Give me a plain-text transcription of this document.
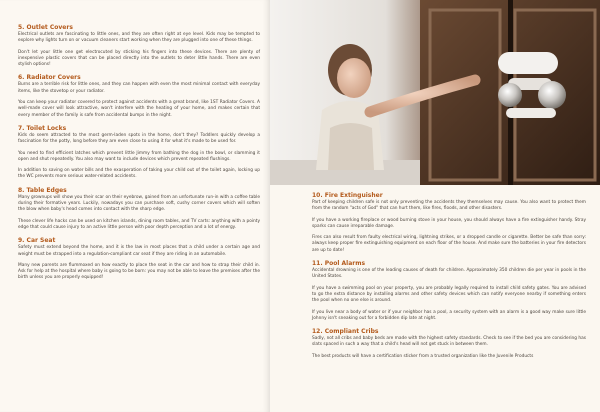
5. Outlet Covers

Electrical outlets are fascinating to little ones, and they are often right at eye level. Kids may be tempted to explore why lights turn on or vacuum cleaners start working when they are plugged into one of these things.

Don't let your little one get electrocuted by sticking his fingers into these devices. There are plenty of inexpensive plastic covers that can be placed directly into the outlets to deter little hands. There are even stylish options!

6. Radiator Covers

Burns are a terrible risk for little ones, and they can happen with even the most minimal contact with everyday items, like the stovetop or your radiator.

You can keep your radiator covered to protect against accidents with a great brand, like 1ST Radiator Covers. A well-made cover will look attractive, won't interfere with the heating of your home, and makes certain that every member of the family is safe from accidental bumps in the night.

7. Toilet Locks

Kids do seem attracted to the most germ-laden spots in the home, don't they? Toddlers quickly develop a fascination for the potty, long before they are even close to using it for what it's made to be used for.

You need to find efficient latches which prevent little Jimmy from bathing the dog in the bowl, or slamming it open and shut repeatedly. You also may want to include devices which prevent repeated flushings.

In addition to saving on water bills and the exasperation of taking your child out of the toilet again, locking up the WC prevents more serious water-related accidents.

8. Table Edges

Many grownups will show you their scar on their eyebrow, gained from an unfortunate run-in with a coffee table during their formative years. Luckily, nowadays you can purchase soft, cushy corner covers which will soften the blow when baby's head comes into contact with the sharp edge.

These clever life hacks can be used on kitchen islands, dining room tables, and TV carts: anything with a pointy edge that could cause injury to an active little person with poor depth perception and a lot of energy.

9. Car Seat

Safety must extend beyond the home, and it is the law in most places that a child under a certain age and weight must be strapped into a regulation-compliant car seat if they are riding in an automobile.

Many new parents are flummoxed on how exactly to place the seat in the car and how to strap their child in. Ask for help at the hospital where baby is going to be born: you may not be able to leave the premises after the birth unless you are properly equipped!

10. Fire Extinguisher

Part of keeping children safe is not only preventing the accidents they themselves may cause. You also want to protect them from the random "acts of God" that can hurt them, like fires, floods, and other disasters.

If you have a working fireplace or wood burning stove in your house, you should always have a fire extinguisher handy. Stray sparks can cause irreparable damage.

Fires can also result from faulty electrical wiring, lightning strikes, or a dropped candle or cigarette. Better be safe than sorry: always keep proper fire extinguishing equipment on each floor of the house. And make sure the batteries in your fire detectors are up to date!

11. Pool Alarms

Accidental drowning is one of the leading causes of death for children. Approximately 350 children die per year in pools in the United States.

If you have a swimming pool on your property, you are probably legally required to install child safety gates. You are advised to go the extra distance by installing alarms and other safety devices which can notify everyone nearby if something enters the pool when no one else is around.

If you live near a body of water or if your neighbor has a pool, a security system with an alarm is a good way make sure little Johnny isn't sneaking out for a forbidden dip late at night.

12. Compliant Cribs

Sadly, not all cribs and baby beds are made with the highest safety standards. Check to see if the bed you are considering has slats spaced in such a way that a child's head will not get stuck in between them.

The best products will have a certification sticker from a trusted organization like the Juvenile Products
